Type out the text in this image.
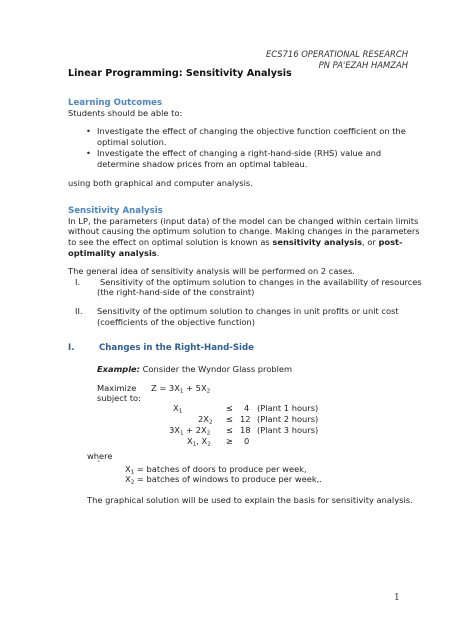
ECS716 OPERATIONAL RESEARCH
PN PA'EZAH HAMZAH
Linear Programming: Sensitivity Analysis
Learning Outcomes
Students should be able to:
• Investigate the effect of changing the objective function coefficient on the
optimal solution.
• Investigate the effect of changing a right-hand-side (RHS) value and
determine shadow prices from an optimal tableau.
using both graphical and computer analysis.
Sensitivity Analysis
In LP, the parameters (input data) of the model can be changed within certain limits
without causing the optimum solution to change. Making changes in the parameters
to see the effect on optimal solution is known as sensitivity analysis, or post-
optimality analysis.
The general idea of sensitivity analysis will be performed on 2 cases.
I. Sensitivity of the optimum solution to changes in the availability of resources
(the right-hand-side of the constraint)
II. Sensitivity of the optimum solution to changes in unit profits or unit cost
(coefficients of the objective function)
I.	Changes in the Right-Hand-Side
Example: Consider the Wyndor Glass problem
Maximize $Z = 3X_1 + 5X_2$
subject to:
$X_1$	≤ 4 (Plant 1 hours)
$2X_2 \le 12$ (Plant 2 hours)
$3X_1 + 2X_2 \le 18$ (Plant 3 hours)
$X_1$, $X_2 \ge 0$
where
`	$X_1$ = batches of doors to produce per week,
$X_2$ = batches of windows to produce per week,.
The graphical solution will be used to explain the basis for sensitivity analysis.
1
